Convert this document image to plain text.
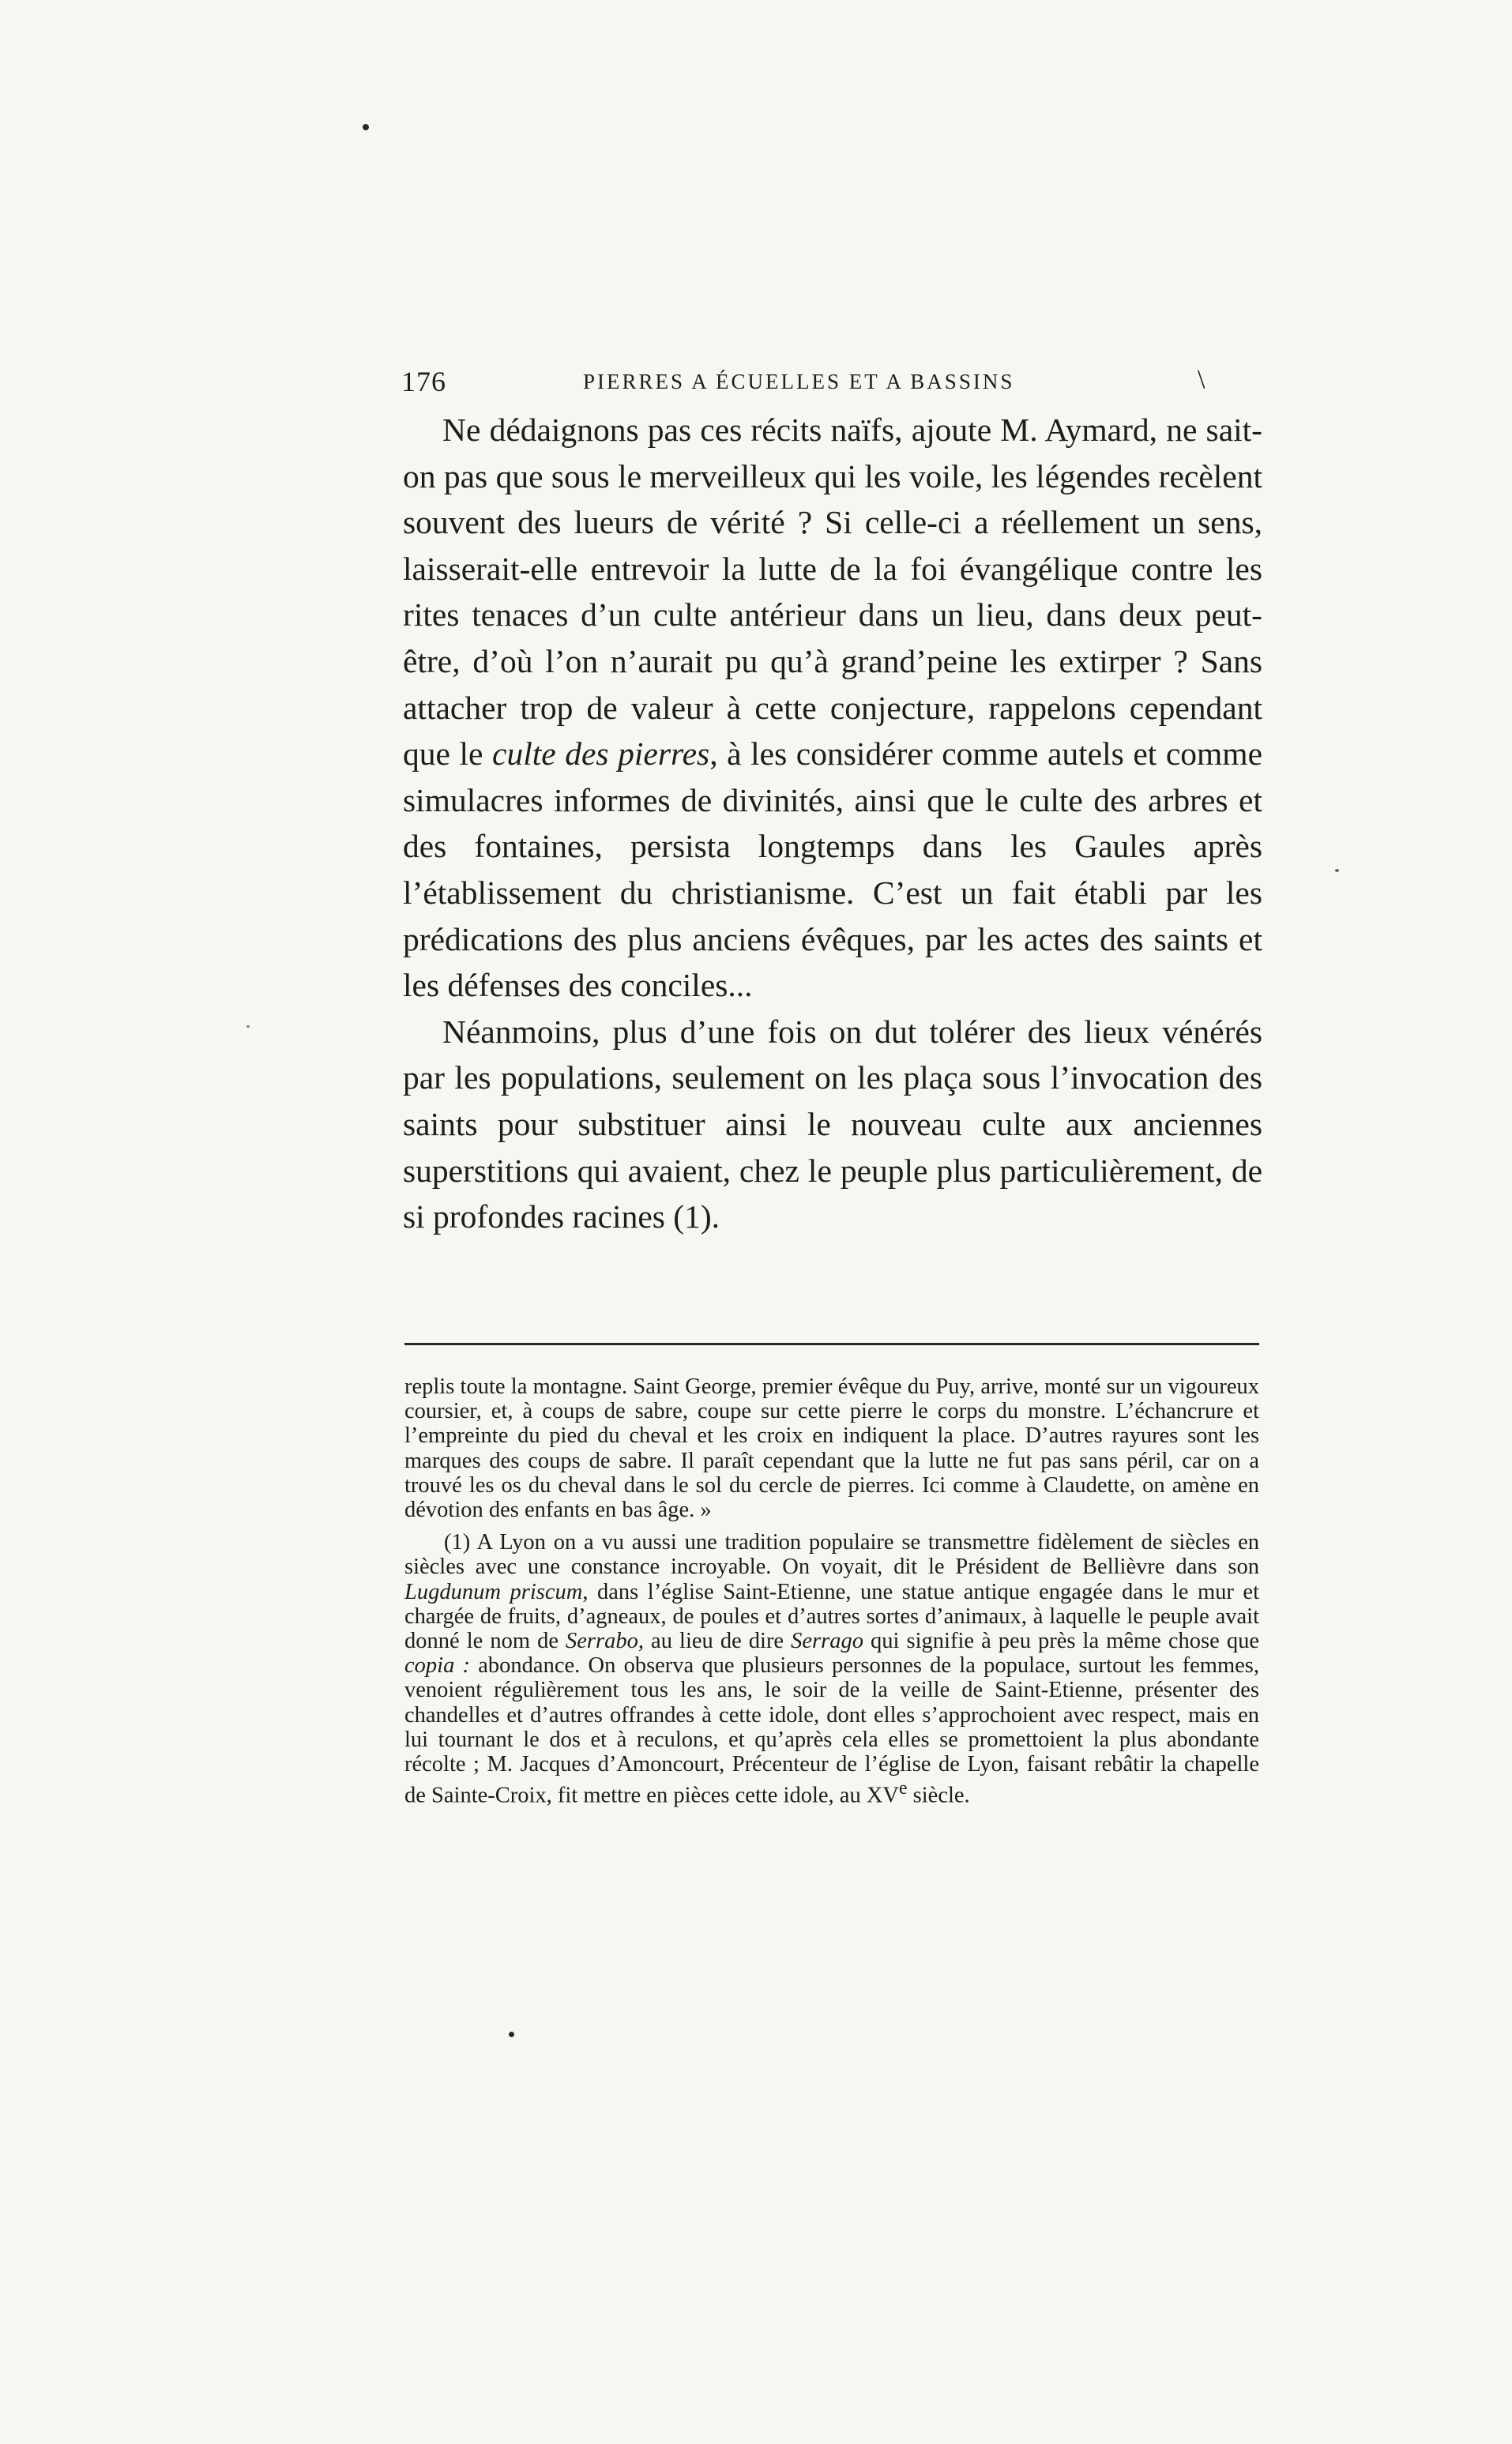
176	PIERRES A ÉCUELLES ET A BASSINS	\

Ne dédaignons pas ces récits naïfs, ajoute M. Aymard, ne sait-on pas que sous le merveilleux qui les voile, les légendes recèlent souvent des lueurs de vérité ? Si celle-ci a réellement un sens, laisserait-elle entrevoir la lutte de la foi évangélique contre les rites tenaces d’un culte antérieur dans un lieu, dans deux peut-être, d’où l’on n’aurait pu qu’à grand’peine les extirper ? Sans attacher trop de valeur à cette conjecture, rappelons cependant que le culte des pierres, à les considérer comme autels et comme simulacres informes de divinités, ainsi que le culte des arbres et des fontaines, persista longtemps dans les Gaules après l’établissement du christianisme. C’est un fait établi par les prédications des plus anciens évêques, par les actes des saints et les défenses des conciles...

Néanmoins, plus d’une fois on dut tolérer des lieux vénérés par les populations, seulement on les plaça sous l’invocation des saints pour substituer ainsi le nouveau culte aux anciennes superstitions qui avaient, chez le peuple plus particulièrement, de si profondes racines (1).

replis toute la montagne. Saint George, premier évêque du Puy, arrive, monté sur un vigoureux coursier, et, à coups de sabre, coupe sur cette pierre le corps du monstre. L’échancrure et l’empreinte du pied du cheval et les croix en indiquent la place. D’autres rayures sont les marques des coups de sabre. Il paraît cependant que la lutte ne fut pas sans péril, car on a trouvé les os du cheval dans le sol du cercle de pierres. Ici comme à Claudette, on amène en dévotion des enfants en bas âge. »

(1) A Lyon on a vu aussi une tradition populaire se transmettre fidèlement de siècles en siècles avec une constance incroyable. On voyait, dit le Président de Bellièvre dans son Lugdunum priscum, dans l’église Saint-Etienne, une statue antique engagée dans le mur et chargée de fruits, d’agneaux, de poules et d’autres sortes d’animaux, à laquelle le peuple avait donné le nom de Serrabo, au lieu de dire Serrago qui signifie à peu près la même chose que copia : abondance. On observa que plusieurs personnes de la populace, surtout les femmes, venoient régulièrement tous les ans, le soir de la veille de Saint-Etienne, présenter des chandelles et d’autres offrandes à cette idole, dont elles s’approchoient avec respect, mais en lui tournant le dos et à reculons, et qu’après cela elles se promettoient la plus abondante récolte ; M. Jacques d’Amoncourt, Précenteur de l’église de Lyon, faisant rebâtir la chapelle de Sainte-Croix, fit mettre en pièces cette idole, au XVe siècle.
